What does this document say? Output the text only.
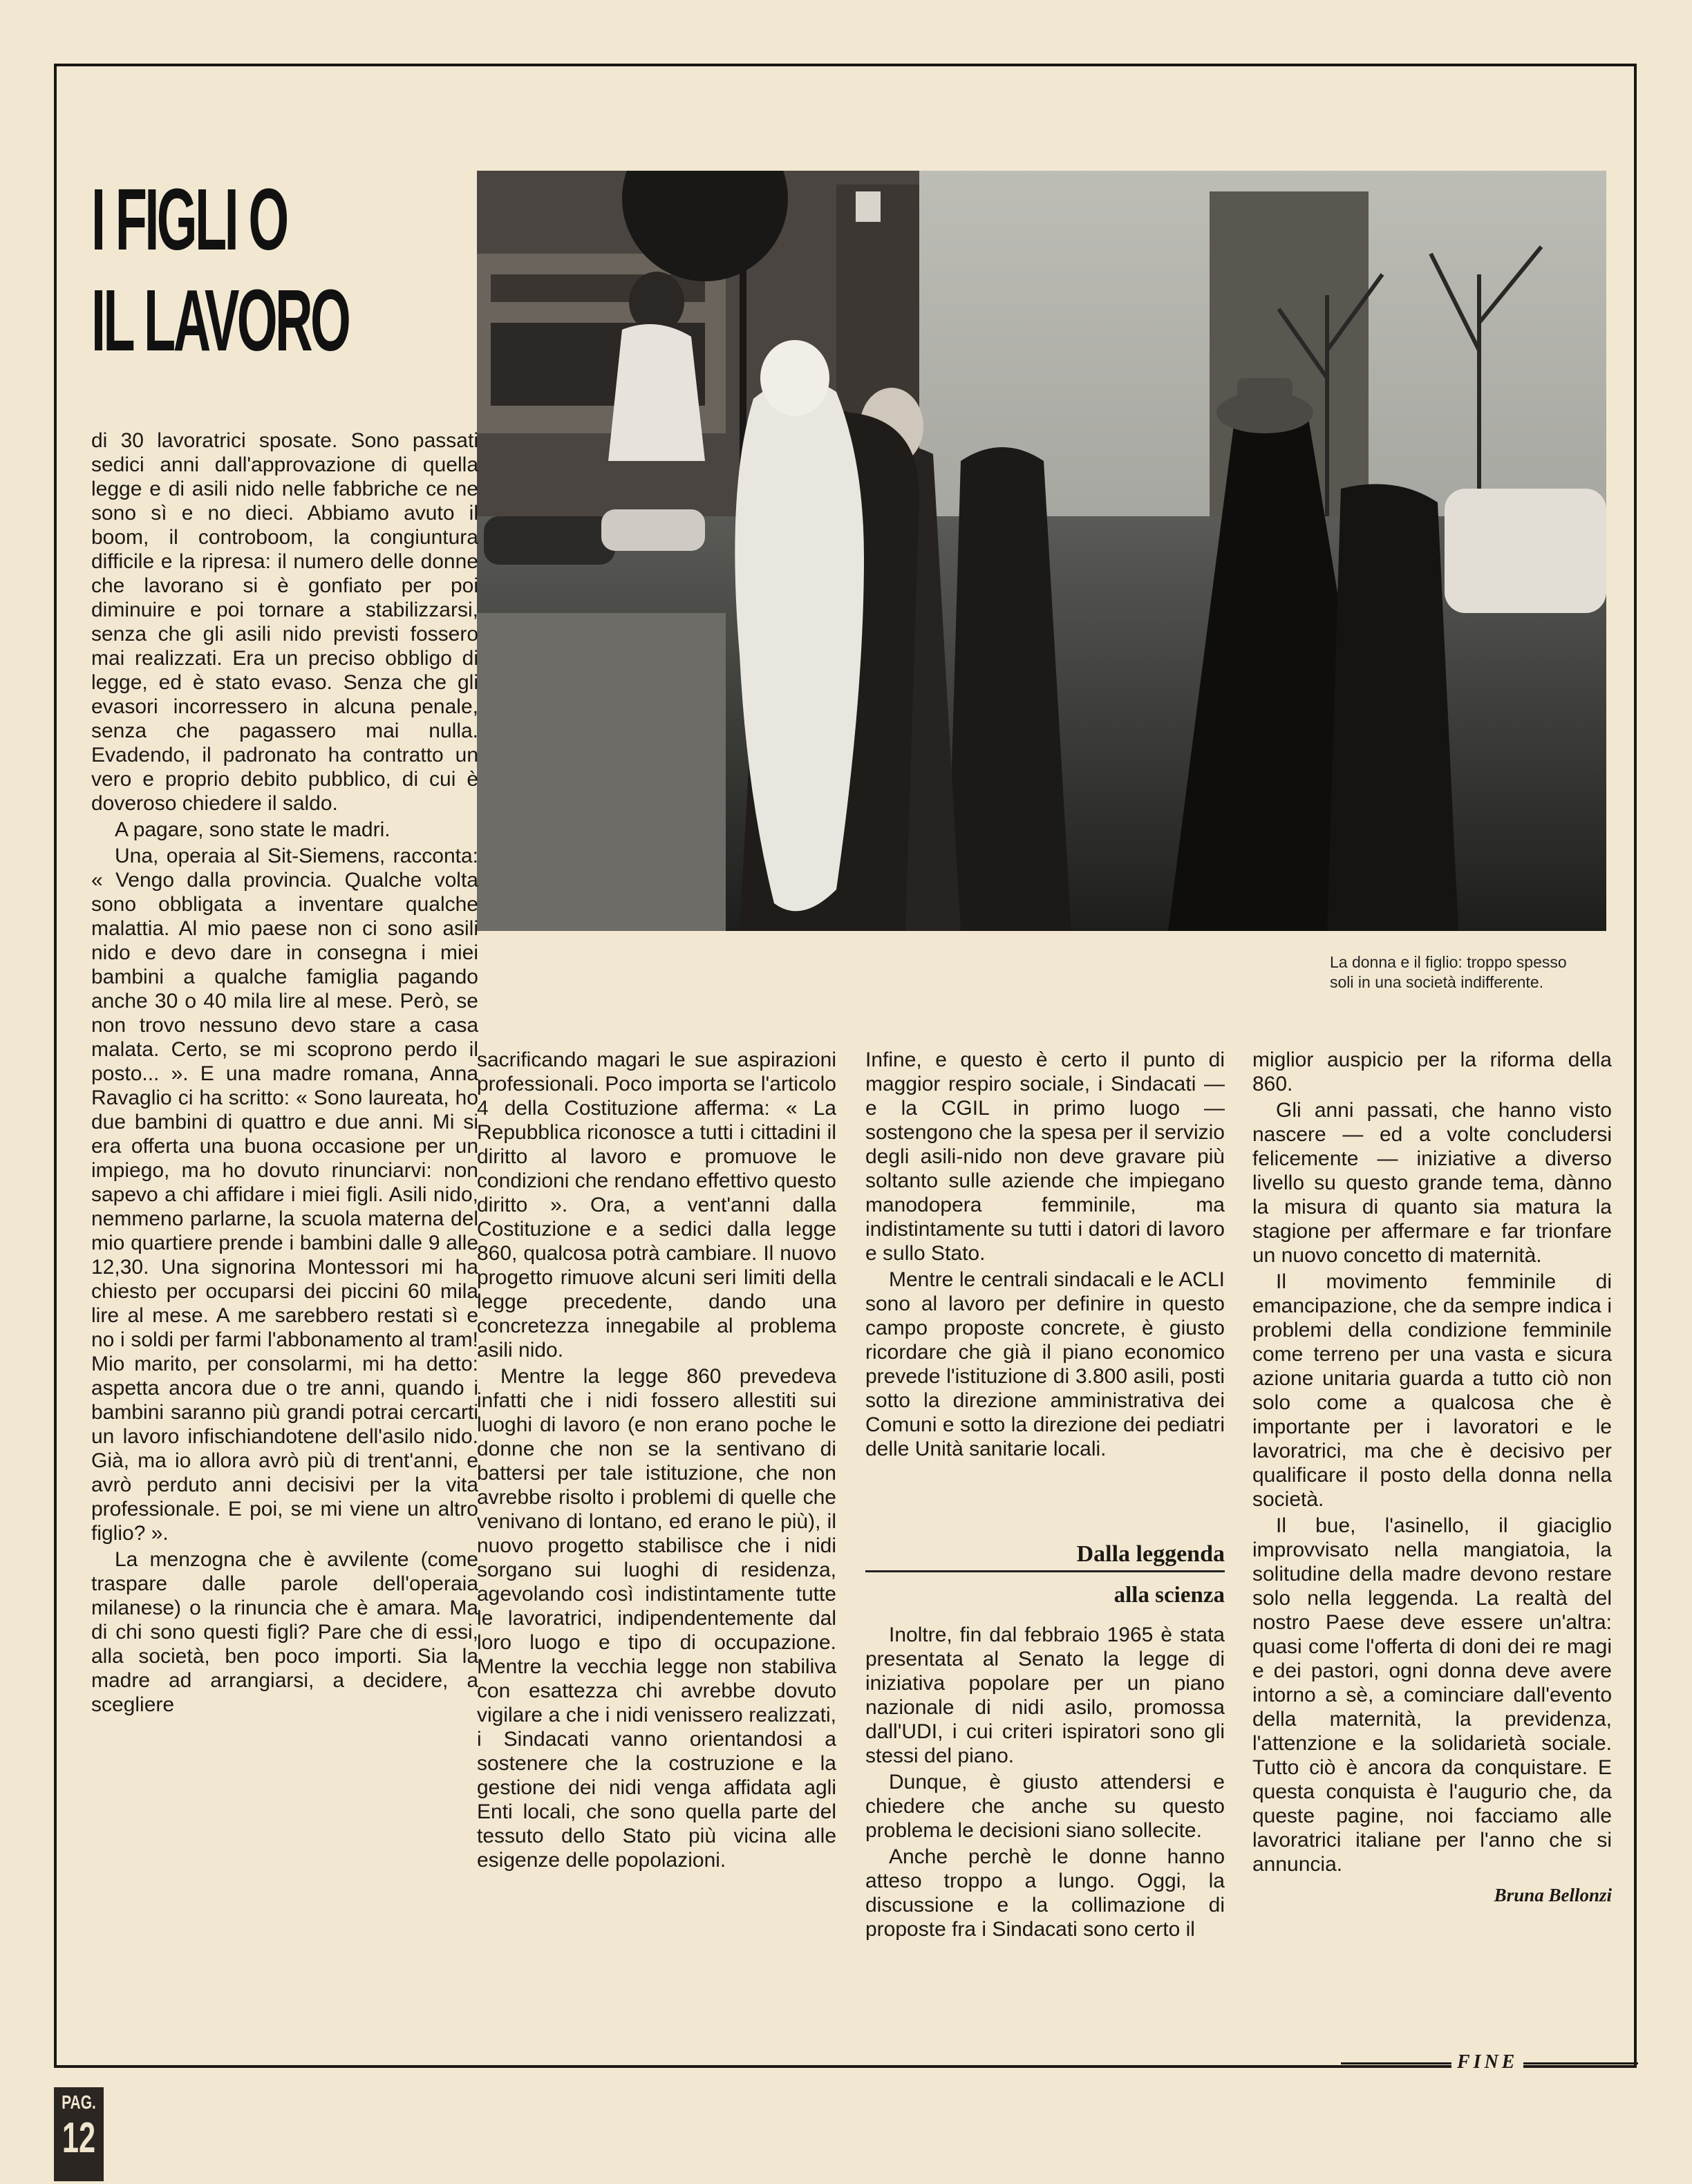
I FIGLI O
IL LAVORO
La donna e il figlio: troppo spesso
soli in una società indifferente.

di 30 lavoratrici sposate. Sono passati sedici anni dall'approvazione di quella legge e di asili nido nelle fabbriche ce ne sono sì e no dieci. Abbiamo avuto il boom, il controboom, la congiuntura difficile e la ripresa: il numero delle donne che lavorano si è gonfiato per poi diminuire e poi tornare a stabilizzarsi, senza che gli asili nido previsti fossero mai realizzati. Era un preciso obbligo di legge, ed è stato evaso. Senza che gli evasori incorressero in alcuna penale, senza che pagassero mai nulla. Evadendo, il padronato ha contratto un vero e proprio debito pubblico, di cui è doveroso chiedere il saldo.

A pagare, sono state le madri.

Una, operaia al Sit-Siemens, racconta: « Vengo dalla provincia. Qualche volta sono obbligata a inventare qualche malattia. Al mio paese non ci sono asili nido e devo dare in consegna i miei bambini a qualche famiglia pagando anche 30 o 40 mila lire al mese. Però, se non trovo nessuno devo stare a casa malata. Certo, se mi scoprono perdo il posto... ». E una madre romana, Anna Ravaglio ci ha scritto: « Sono laureata, ho due bambini di quattro e due anni. Mi si era offerta una buona occasione per un impiego, ma ho dovuto rinunciarvi: non sapevo a chi affidare i miei figli. Asili nido, nemmeno parlarne, la scuola materna del mio quartiere prende i bambini dalle 9 alle 12,30. Una signorina Montessori mi ha chiesto per occuparsi dei piccini 60 mila lire al mese. A me sarebbero restati sì e no i soldi per farmi l'abbonamento al tram! Mio marito, per consolarmi, mi ha detto: aspetta ancora due o tre anni, quando i bambini saranno più grandi potrai cercarti un lavoro infischiandotene dell'asilo nido. Già, ma io allora avrò più di trent'anni, e avrò perduto anni decisivi per la vita professionale. E poi, se mi viene un altro figlio? ».

La menzogna che è avvilente (come traspare dalle parole dell'operaia milanese) o la rinuncia che è amara. Ma di chi sono questi figli? Pare che di essi, alla società, ben poco importi. Sia la madre ad arrangiarsi, a decidere, a scegliere

sacrificando magari le sue aspirazioni professionali. Poco importa se l'articolo 4 della Costituzione afferma: « La Repubblica riconosce a tutti i cittadini il diritto al lavoro e promuove le condizioni che rendano effettivo questo diritto ». Ora, a vent'anni dalla Costituzione e a sedici dalla legge 860, qualcosa potrà cambiare. Il nuovo progetto rimuove alcuni seri limiti della legge precedente, dando una concretezza innegabile al problema asili nido.

Mentre la legge 860 prevedeva infatti che i nidi fossero allestiti sui luoghi di lavoro (e non erano poche le donne che non se la sentivano di battersi per tale istituzione, che non avrebbe risolto i problemi di quelle che venivano di lontano, ed erano le più), il nuovo progetto stabilisce che i nidi sorgano sui luoghi di residenza, agevolando così indistintamente tutte le lavoratrici, indipendentemente dal loro luogo e tipo di occupazione. Mentre la vecchia legge non stabiliva con esattezza chi avrebbe dovuto vigilare a che i nidi venissero realizzati, i Sindacati vanno orientandosi a sostenere che la costruzione e la gestione dei nidi venga affidata agli Enti locali, che sono quella parte del tessuto dello Stato più vicina alle esigenze delle popolazioni.

Infine, e questo è certo il punto di maggior respiro sociale, i Sindacati — e la CGIL in primo luogo — sostengono che la spesa per il servizio degli asili-nido non deve gravare più soltanto sulle aziende che impiegano manodopera femminile, ma indistintamente su tutti i datori di lavoro e sullo Stato.

Mentre le centrali sindacali e le ACLI sono al lavoro per definire in questo campo proposte concrete, è giusto ricordare che già il piano economico prevede l'istituzione di 3.800 asili, posti sotto la direzione amministrativa dei Comuni e sotto la direzione dei pediatri delle Unità sanitarie locali.

Dalla leggenda
alla scienza

Inoltre, fin dal febbraio 1965 è stata presentata al Senato la legge di iniziativa popolare per un piano nazionale di nidi asilo, promossa dall'UDI, i cui criteri ispiratori sono gli stessi del piano.

Dunque, è giusto attendersi e chiedere che anche su questo problema le decisioni siano sollecite.

Anche perchè le donne hanno atteso troppo a lungo. Oggi, la discussione e la collimazione di proposte fra i Sindacati sono certo il

miglior auspicio per la riforma della 860.

Gli anni passati, che hanno visto nascere — ed a volte concludersi felicemente — iniziative a diverso livello su questo grande tema, dànno la misura di quanto sia matura la stagione per affermare e far trionfare un nuovo concetto di maternità.

Il movimento femminile di emancipazione, che da sempre indica i problemi della condizione femminile come terreno per una vasta e sicura azione unitaria guarda a tutto ciò non solo come a qualcosa che è importante per i lavoratori e le lavoratrici, ma che è decisivo per qualificare il posto della donna nella società.

Il bue, l'asinello, il giaciglio improvvisato nella mangiatoia, la solitudine della madre devono restare solo nella leggenda. La realtà del nostro Paese deve essere un'altra: quasi come l'offerta di doni dei re magi e dei pastori, ogni donna deve avere intorno a sè, a cominciare dall'evento della maternità, la previdenza, l'attenzione e la solidarietà sociale. Tutto ciò è ancora da conquistare. E questa conquista è l'augurio che, da queste pagine, noi facciamo alle lavoratrici italiane per l'anno che si annuncia.

Bruna Bellonzi
FINE
PAG.
12
